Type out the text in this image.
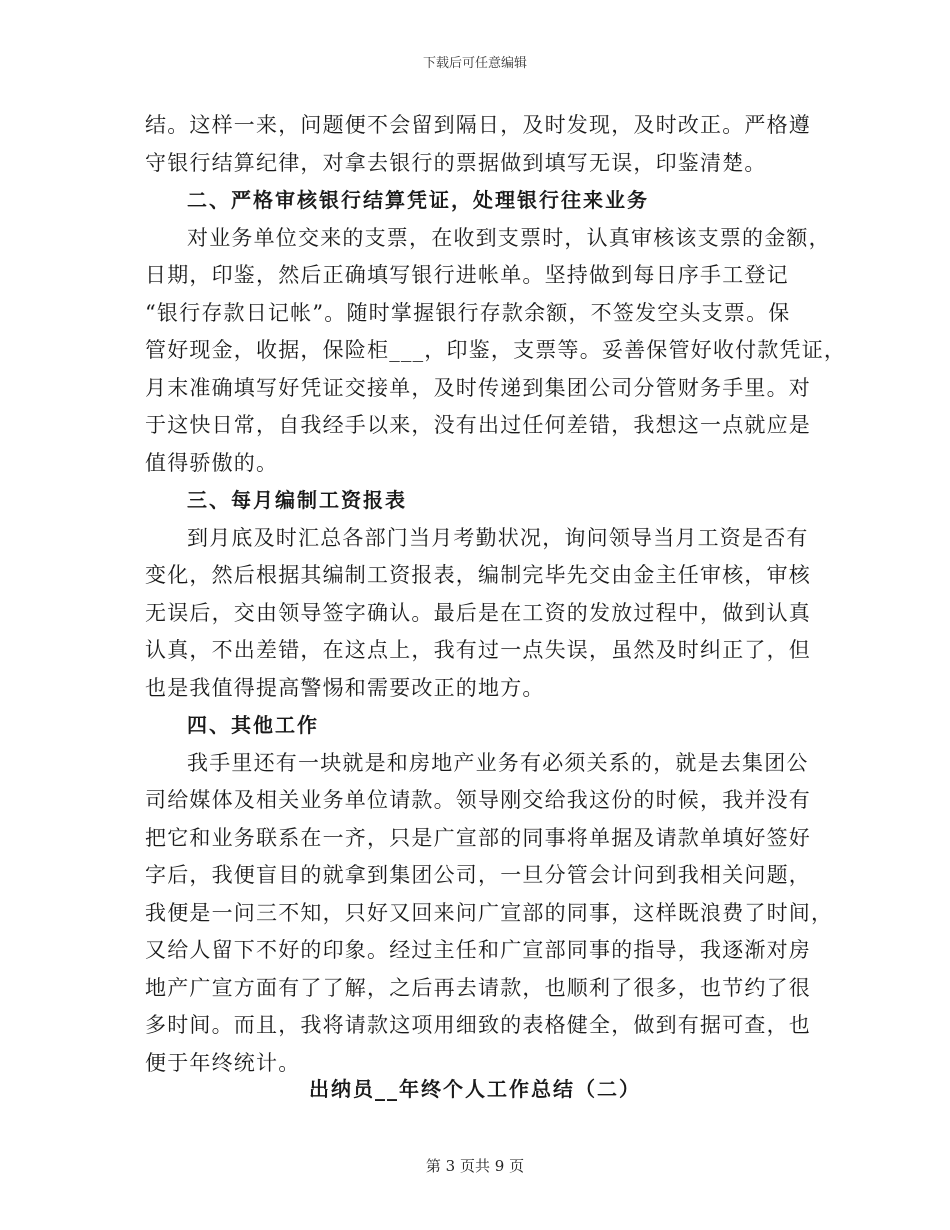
下载后可任意编辑
结。这样一来，问题便不会留到隔日，及时发现，及时改正。严格遵
守银行结算纪律，对拿去银行的票据做到填写无误，印鉴清楚。
二、严格审核银行结算凭证，处理银行往来业务
对业务单位交来的支票，在收到支票时，认真审核该支票的金额，
日期，印鉴，然后正确填写银行进帐单。坚持做到每日序手工登记
“银行存款日记帐”。随时掌握银行存款余额，不签发空头支票。保
管好现金，收据，保险柜___，印鉴，支票等。妥善保管好收付款凭证，
月末准确填写好凭证交接单，及时传递到集团公司分管财务手里。对
于这快日常，自我经手以来，没有出过任何差错，我想这一点就应是
值得骄傲的。
三、每月编制工资报表
到月底及时汇总各部门当月考勤状况，询问领导当月工资是否有
变化，然后根据其编制工资报表，编制完毕先交由金主任审核，审核
无误后，交由领导签字确认。最后是在工资的发放过程中，做到认真
认真，不出差错，在这点上，我有过一点失误，虽然及时纠正了，但
也是我值得提高警惕和需要改正的地方。
四、其他工作
我手里还有一块就是和房地产业务有必须关系的，就是去集团公
司给媒体及相关业务单位请款。领导刚交给我这份的时候，我并没有
把它和业务联系在一齐，只是广宣部的同事将单据及请款单填好签好
字后，我便盲目的就拿到集团公司，一旦分管会计问到我相关问题，
我便是一问三不知，只好又回来问广宣部的同事，这样既浪费了时间，
又给人留下不好的印象。经过主任和广宣部同事的指导，我逐渐对房
地产广宣方面有了了解，之后再去请款，也顺利了很多，也节约了很
多时间。而且，我将请款这项用细致的表格健全，做到有据可查，也
便于年终统计。
出纳员__年终个人工作总结（二）
第 3 页共 9 页
